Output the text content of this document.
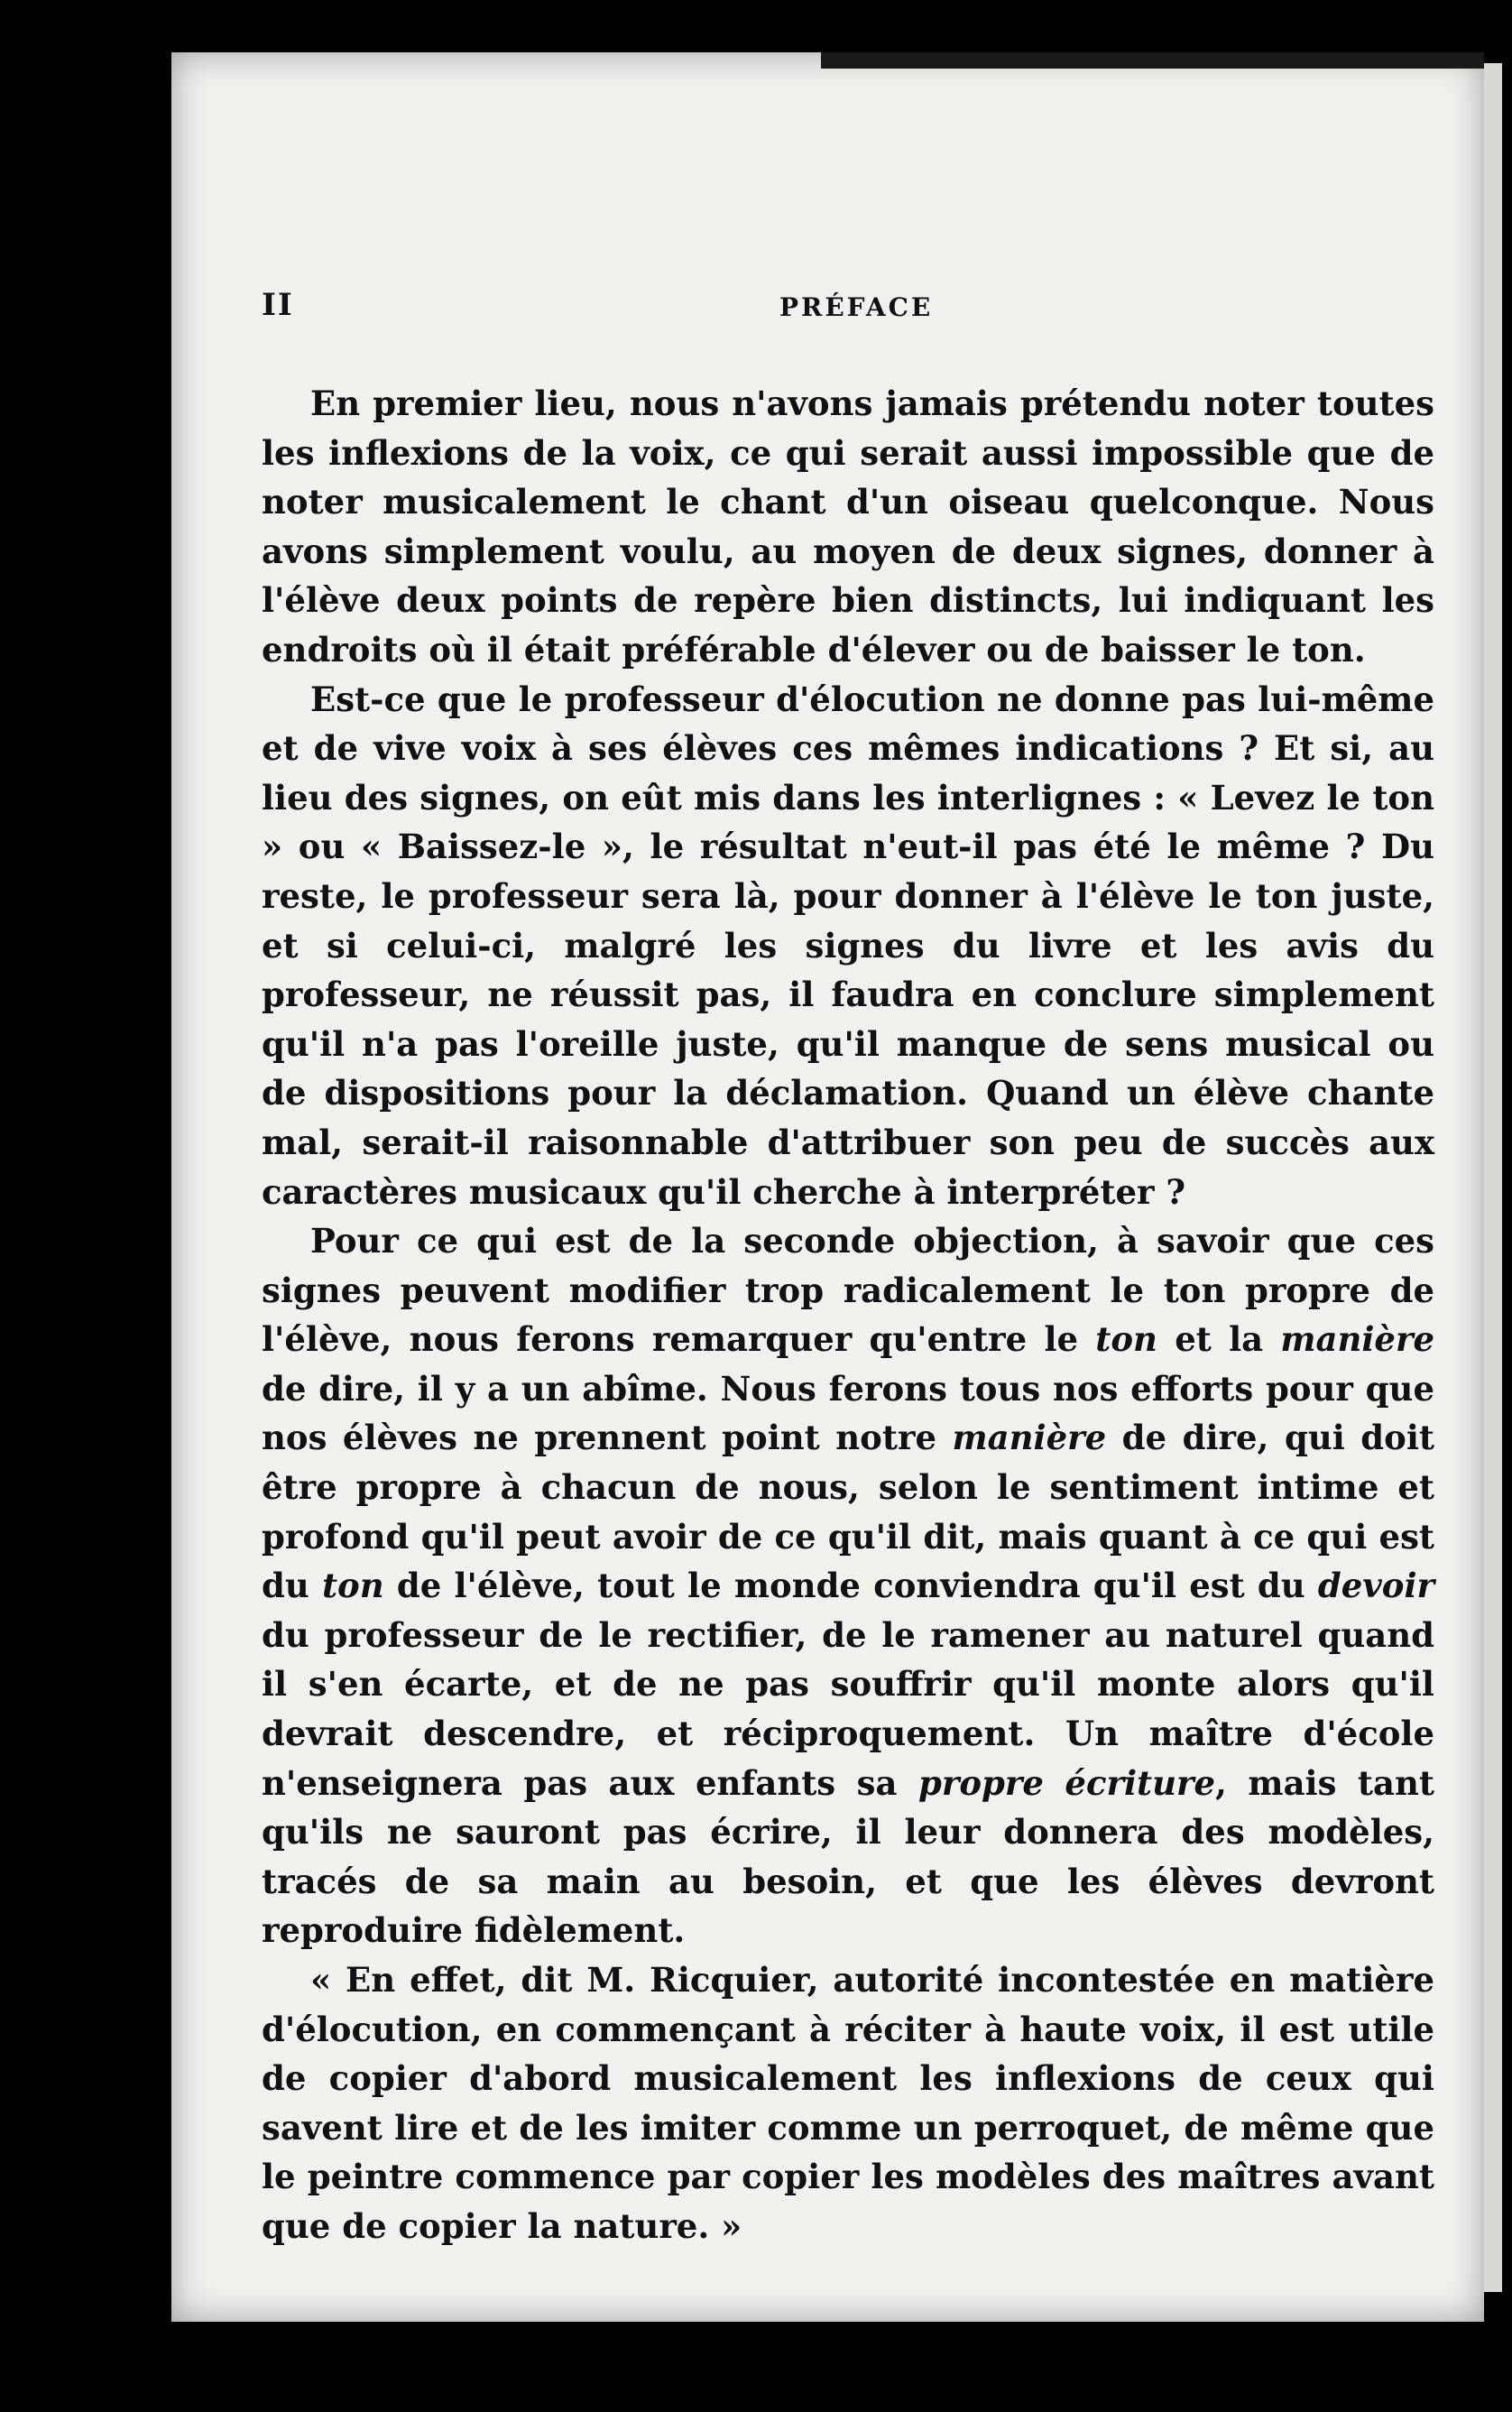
II	PRÉFACE

En premier lieu, nous n'avons jamais prétendu noter toutes les inflexions de la voix, ce qui serait aussi impossible que de noter musicalement le chant d'un oiseau quelconque. Nous avons simplement voulu, au moyen de deux signes, donner à l'élève deux points de repère bien distincts, lui indiquant les endroits où il était préférable d'élever ou de baisser le ton.

Est-ce que le professeur d'élocution ne donne pas lui-même et de vive voix à ses élèves ces mêmes indications ? Et si, au lieu des signes, on eût mis dans les interlignes : « Levez le ton » ou « Baissez-le », le résultat n'eut-il pas été le même ? Du reste, le professeur sera là, pour donner à l'élève le ton juste, et si celui-ci, malgré les signes du livre et les avis du professeur, ne réussit pas, il faudra en conclure simplement qu'il n'a pas l'oreille juste, qu'il manque de sens musical ou de dispositions pour la déclamation. Quand un élève chante mal, serait-il raisonnable d'attribuer son peu de succès aux caractères musicaux qu'il cherche à interpréter ?

Pour ce qui est de la seconde objection, à savoir que ces signes peuvent modifier trop radicalement le ton propre de l'élève, nous ferons remarquer qu'entre le ton et la manière de dire, il y a un abîme. Nous ferons tous nos efforts pour que nos élèves ne prennent point notre manière de dire, qui doit être propre à chacun de nous, selon le sentiment intime et profond qu'il peut avoir de ce qu'il dit, mais quant à ce qui est du ton de l'élève, tout le monde conviendra qu'il est du devoir du professeur de le rectifier, de le ramener au naturel quand il s'en écarte, et de ne pas souffrir qu'il monte alors qu'il devrait descendre, et réciproquement. Un maître d'école n'enseignera pas aux enfants sa propre écriture, mais tant qu'ils ne sauront pas écrire, il leur donnera des modèles, tracés de sa main au besoin, et que les élèves devront reproduire fidèlement.

« En effet, dit M. Ricquier, autorité incontestée en matière d'élocution, en commençant à réciter à haute voix, il est utile de copier d'abord musicalement les inflexions de ceux qui savent lire et de les imiter comme un perroquet, de même que le peintre commence par copier les modèles des maîtres avant que de copier la nature. »
